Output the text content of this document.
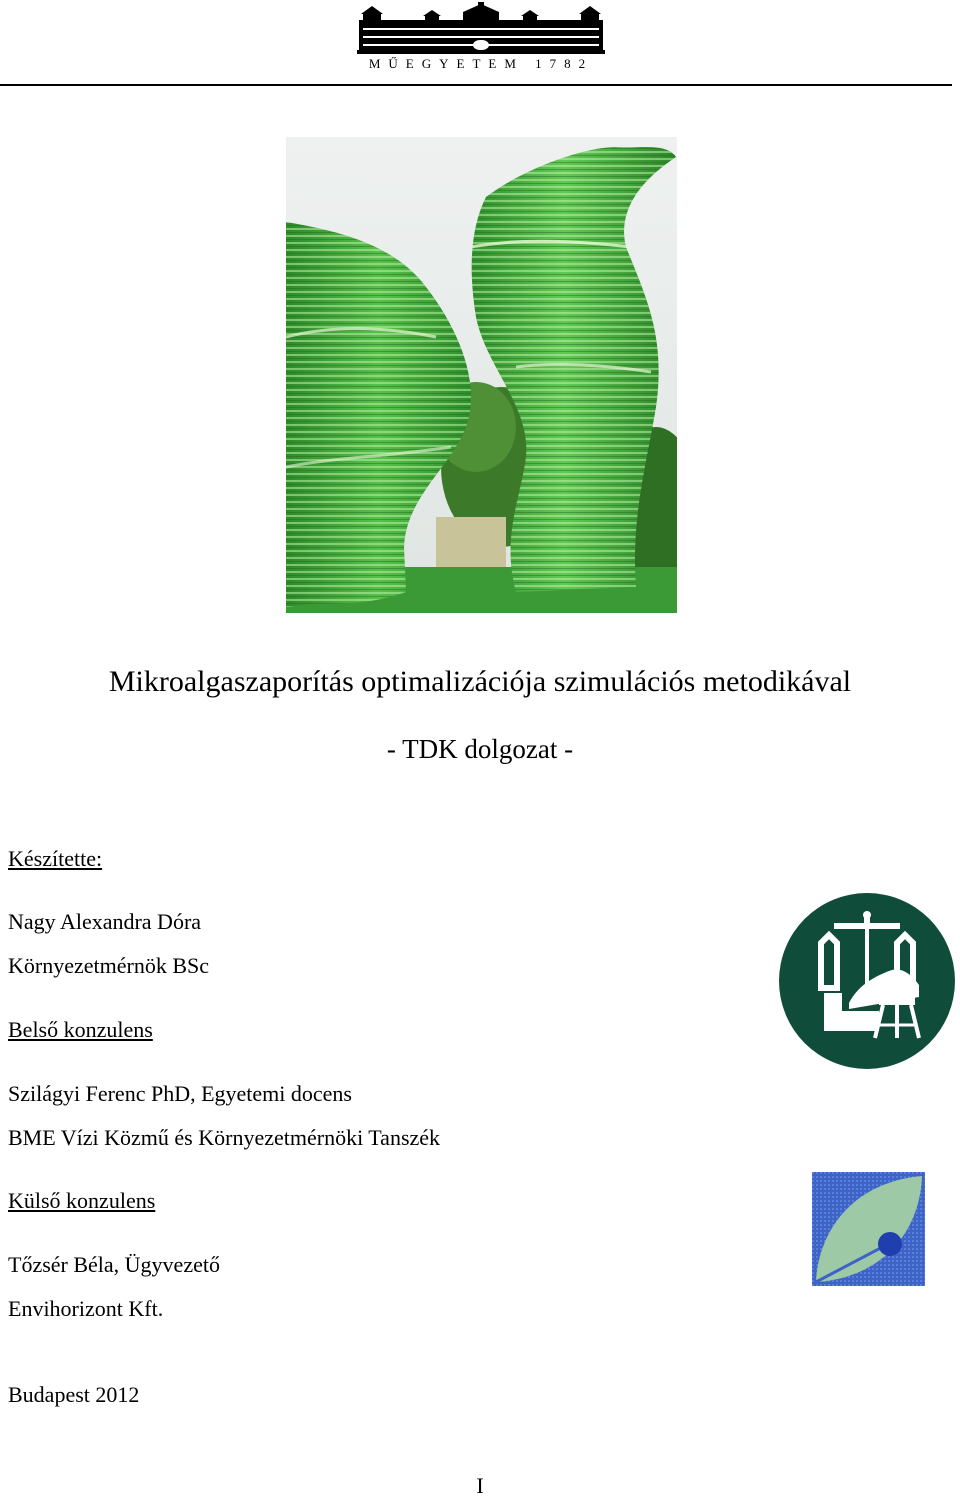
MŰEGYETEM 1782
Mikroalgaszaporítás optimalizációja szimulációs metodikával
- TDK dolgozat -
Készítette:
Nagy Alexandra Dóra
Környezetmérnök BSc
Belső konzulens
Szilágyi Ferenc PhD, Egyetemi docens
BME Vízi Közmű és Környezetmérnöki Tanszék
Külső konzulens
Tőzsér Béla, Ügyvezető
Envihorizont Kft.
Budapest 2012
I
